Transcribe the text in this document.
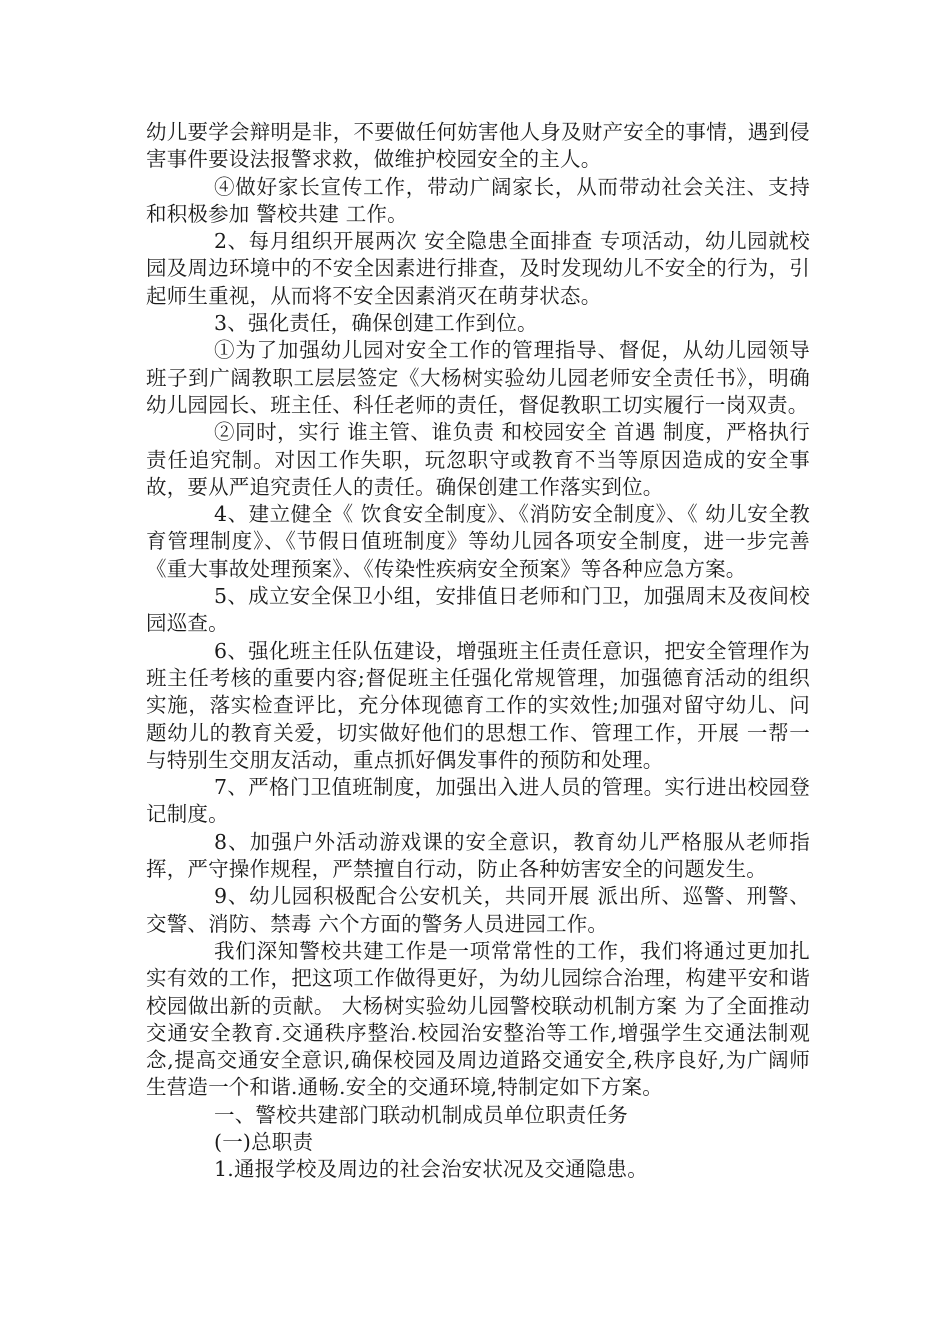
幼儿要学会辩明是非，不要做任何妨害他人身及财产安全的事情，遇到侵害事件要设法报警求救，做维护校园安全的主人。

④做好家长宣传工作，带动广阔家长，从而带动社会关注、支持和积极参加 警校共建 工作。

2、每月组织开展两次 安全隐患全面排查 专项活动，幼儿园就校园及周边环境中的不安全因素进行排查，及时发现幼儿不安全的行为，引起师生重视，从而将不安全因素消灭在萌芽状态。

3、强化责任，确保创建工作到位。

①为了加强幼儿园对安全工作的管理指导、督促，从幼儿园领导班子到广阔教职工层层签定《大杨树实验幼儿园老师安全责任书》，明确幼儿园园长、班主任、科任老师的责任，督促教职工切实履行一岗双责。

②同时，实行 谁主管、谁负责 和校园安全 首遇 制度，严格执行责任追究制。对因工作失职，玩忽职守或教育不当等原因造成的安全事故，要从严追究责任人的责任。确保创建工作落实到位。

4、建立健全《 饮食安全制度》、《消防安全制度》、《 幼儿安全教育管理制度》、《节假日值班制度》等幼儿园各项安全制度，进一步完善《重大事故处理预案》、《传染性疾病安全预案》等各种应急方案。

5、成立安全保卫小组，安排值日老师和门卫，加强周末及夜间校园巡查。

6、强化班主任队伍建设，增强班主任责任意识，把安全管理作为班主任考核的重要内容;督促班主任强化常规管理，加强德育活动的组织实施，落实检查评比，充分体现德育工作的实效性;加强对留守幼儿、问题幼儿的教育关爱，切实做好他们的思想工作、管理工作，开展 一帮一 与特别生交朋友活动，重点抓好偶发事件的预防和处理。

7、严格门卫值班制度，加强出入进人员的管理。实行进出校园登记制度。

8、加强户外活动游戏课的安全意识，教育幼儿严格服从老师指挥，严守操作规程，严禁擅自行动，防止各种妨害安全的问题发生。

9、幼儿园积极配合公安机关，共同开展 派出所、巡警、刑警、交警、消防、禁毒 六个方面的警务人员进园工作。

我们深知警校共建工作是一项常常性的工作，我们将通过更加扎实有效的工作，把这项工作做得更好，为幼儿园综合治理，构建平安和谐校园做出新的贡献。 大杨树实验幼儿园警校联动机制方案 为了全面推动交通安全教育.交通秩序整治.校园治安整治等工作,增强学生交通法制观念,提高交通安全意识,确保校园及周边道路交通安全,秩序良好,为广阔师生营造一个和谐.通畅.安全的交通环境,特制定如下方案。

一、警校共建部门联动机制成员单位职责任务

(一)总职责

1.通报学校及周边的社会治安状况及交通隐患。
